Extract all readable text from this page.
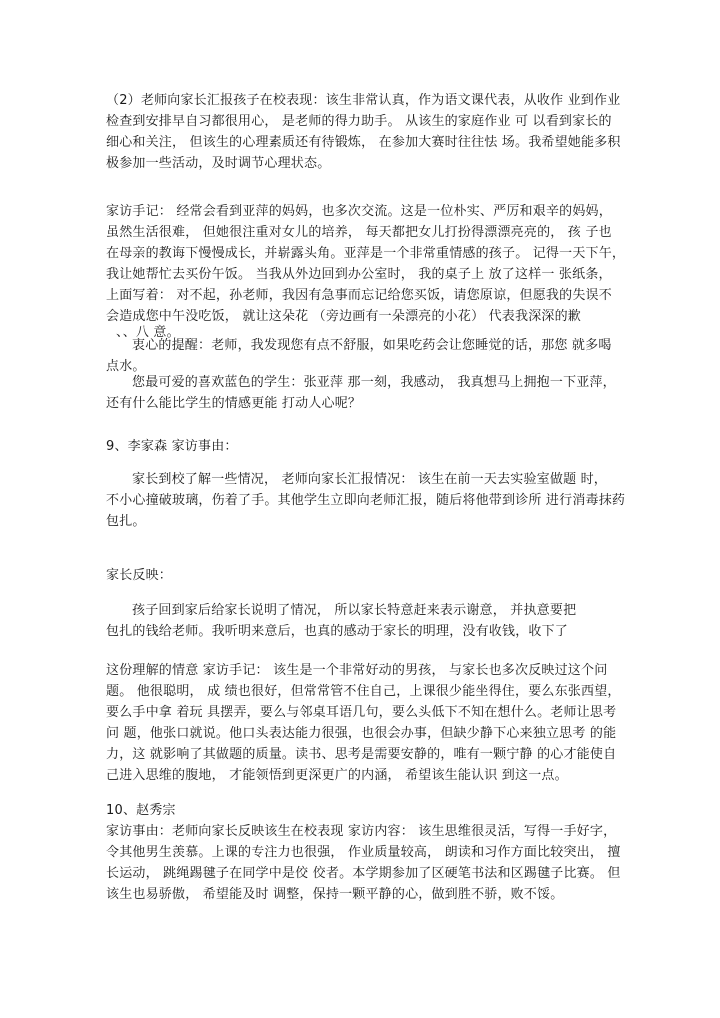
（2）老师向家长汇报孩子在校表现：该生非常认真，作为语文课代表，从收作 业到作业
检查到安排早自习都很用心， 是老师的得力助手。 从该生的家庭作业 可 以看到家长的
细心和关注， 但该生的心理素质还有待锻炼， 在参加大赛时往往怯 场。我希望她能多积
极参加一些活动，及时调节心理状态。
家访手记： 经常会看到亚萍的妈妈，也多次交流。这是一位朴实、严厉和艰辛的妈妈，
虽然生活很难， 但她很注重对女儿的培养， 每天都把女儿打扮得漂漂亮亮的， 孩 子也
在母亲的教诲下慢慢成长，并崭露头角。亚萍是一个非常重情感的孩子。 记得一天下午，
我让她帮忙去买份午饭。 当我从外边回到办公室时， 我的桌子上 放了这样一 张纸条，
上面写着： 对不起，孙老师，我因有急事而忘记给您买饭，请您原谅，但愿我的失误不
会造成您中午没吃饭， 就让这朵花 （旁边画有一朵漂亮的小花） 代表我深深的歉
、、八 意。
衷心的提醒：老师，我发现您有点不舒服，如果吃药会让您睡觉的话，那您 就多喝
点水。
您最可爱的喜欢蓝色的学生：张亚萍 那一刻，我感动， 我真想马上拥抱一下亚萍，
还有什么能比学生的情感更能 打动人心呢？
9、李家森 家访事由：
家长到校了解一些情况， 老师向家长汇报情况： 该生在前一天去实验室做题 时，
不小心撞破玻璃，伤着了手。其他学生立即向老师汇报，随后将他带到诊所 进行消毒抹药
包扎。
家长反映：
孩子回到家后给家长说明了情况， 所以家长特意赶来表示谢意， 并执意要把
包扎的钱给老师。我听明来意后，也真的感动于家长的明理，没有收钱，收下了
这份理解的情意 家访手记： 该生是一个非常好动的男孩， 与家长也多次反映过这个问
题。 他很聪明， 成 绩也很好，但常常管不住自己，上课很少能坐得住，要么东张西望，
要么手中拿 着玩 具摆弄，要么与邻桌耳语几句，要么头低下不知在想什么。老师让思考
问 题，他张口就说。他口头表达能力很强，也很会办事，但缺少静下心来独立思考 的能
力，这 就影响了其做题的质量。读书、思考是需要安静的，唯有一颗宁静 的心才能使自
己进入思维的腹地， 才能领悟到更深更广的内涵， 希望该生能认识 到这一点。
10、赵秀宗
家访事由：老师向家长反映该生在校表现 家访内容： 该生思维很灵活，写得一手好字，
令其他男生羡慕。上课的专注力也很强， 作业质量较高， 朗读和习作方面比较突出， 擅
长运动， 跳绳踢毽子在同学中是佼 佼者。本学期参加了区硬笔书法和区踢毽子比赛。 但
该生也易骄傲， 希望能及时 调整，保持一颗平静的心，做到胜不骄，败不馁。
